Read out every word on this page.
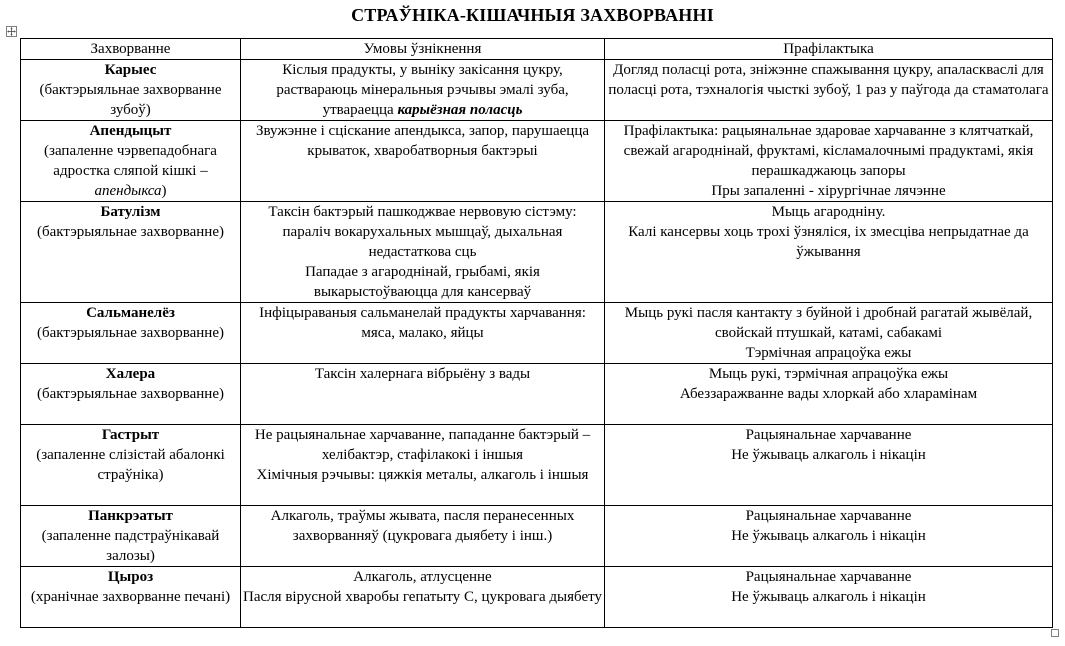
СТРАЎНІКА-КІШАЧНЫЯ ЗАХВОРВАННІ
Захворванне	Умовы ўзнікнення	Прафілактыка

Карыес
(бактэрыяльнае захворванне зубоў)	Кіслыя прадукты, у выніку закісання цукру, раствараюць мінеральныя рэчывы эмалі зуба, утвараецца карыёзная поласць	Догляд поласці рота, зніжэнне спажывання цукру, апаласкваслі для поласці рота, тэхналогія чысткі зубоў, 1 раз у паўгода да стаматолага

Апендыцыт
(запаленне чэрвепадобнага адростка сляпой кішкі – апендыкса)	Звужэнне і сціскание апендыкса, запор, парушаецца крываток, хваробатворныя бактэрыі	Прафілактыка: рацыянальнае здаровае харчаванне з клятчаткай, свежай агароднінай, фруктамі, кісламалочнымі прадуктамі, якія перашкаджаюць запоры
Пры запаленні - хірургічнае лячэнне

Батулізм
(бактэрыяльнае захворванне)	Таксін бактэрый пашкоджвае нервовую сістэму: параліч вокаруxальных мышцаў, дыхальная недастаткова сць
Пападае з агароднінай, грыбамі, якія выкарыстоўваюцца для кансерваў	Мыць агародніну.
Калі кансервы хоць трохі ўзняліся, іх змесціва непрыдатнае да ўжывання

Сальманелёз
(бактэрыяльнае захворванне)	Інфіцыраваныя сальманелай прадукты харчавання: мяса, малако, яйцы	Мыць рукі пасля кантакту з буйной і дробнай рагатай жывёлай, свойскай птушкай, катамі, сабакамі
Тэрмічная апрацоўка ежы

Халера
(бактэрыяльнае захворванне)	Таксін халернага вібрыёну з вады	Мыць рукі, тэрмічная апрацоўка ежы
Абеззаражванне вады хлоркай або хларамінам

Гастрыт
(запаленне слізістай абалонкі страўніка)	Не рацыянальнае харчаванне, пападанне бактэрый – хелібактэр, стафілакокі і іншыя
Хімічныя рэчывы: цяжкія металы, алкаголь і іншыя	Рацыянальнае харчаванне
Не ўжываць алкаголь і нікацін

Панкрэатыт
(запаленне падстраўнікавай залозы)	Алкаголь, траўмы жывата, пасля перанесенных захворванняў (цукровага дыябету і інш.)	Рацыянальнае харчаванне
Не ўжываць алкаголь і нікацін

Цыроз
(хранічнае захворванне печані)	Алкаголь, атлусценне
Пасля вірусной хваробы гепатыту С, цукровага дыябету	Рацыянальнае харчаванне
Не ўжываць алкаголь і нікацін
